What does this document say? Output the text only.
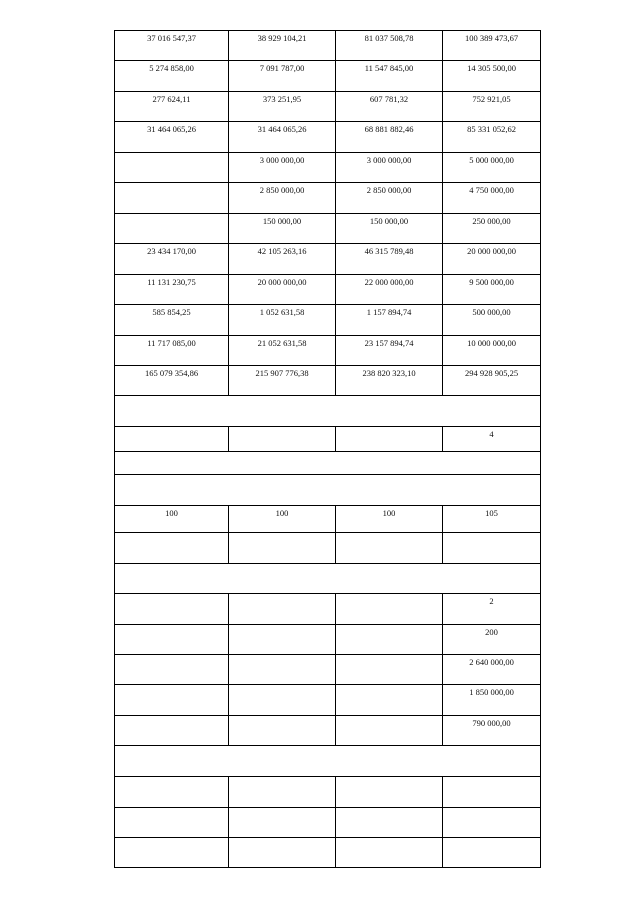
37 016 547,37	38 929 104,21	81 037 508,78	100 389 473,67

5 274 858,00	7 091 787,00	11 547 845,00	14 305 500,00

277 624,11	373 251,95	607 781,32	752 921,05

31 464 065,26	31 464 065,26	68 881 882,46	85 331 052,62

	3 000 000,00	3 000 000,00	5 000 000,00

	2 850 000,00	2 850 000,00	4 750 000,00

	150 000,00	150 000,00	250 000,00

23 434 170,00	42 105 263,16	46 315 789,48	20 000 000,00

11 131 230,75	20 000 000,00	22 000 000,00	9 500 000,00

585 854,25	1 052 631,58	1 157 894,74	500 000,00

11 717 085,00	21 052 631,58	23 157 894,74	10 000 000,00

165 079 354,86	215 907 776,38	238 820 323,10	294 928 905,25

			4

100	100	100	105

			2

			200

			2 640 000,00

			1 850 000,00

			790 000,00
